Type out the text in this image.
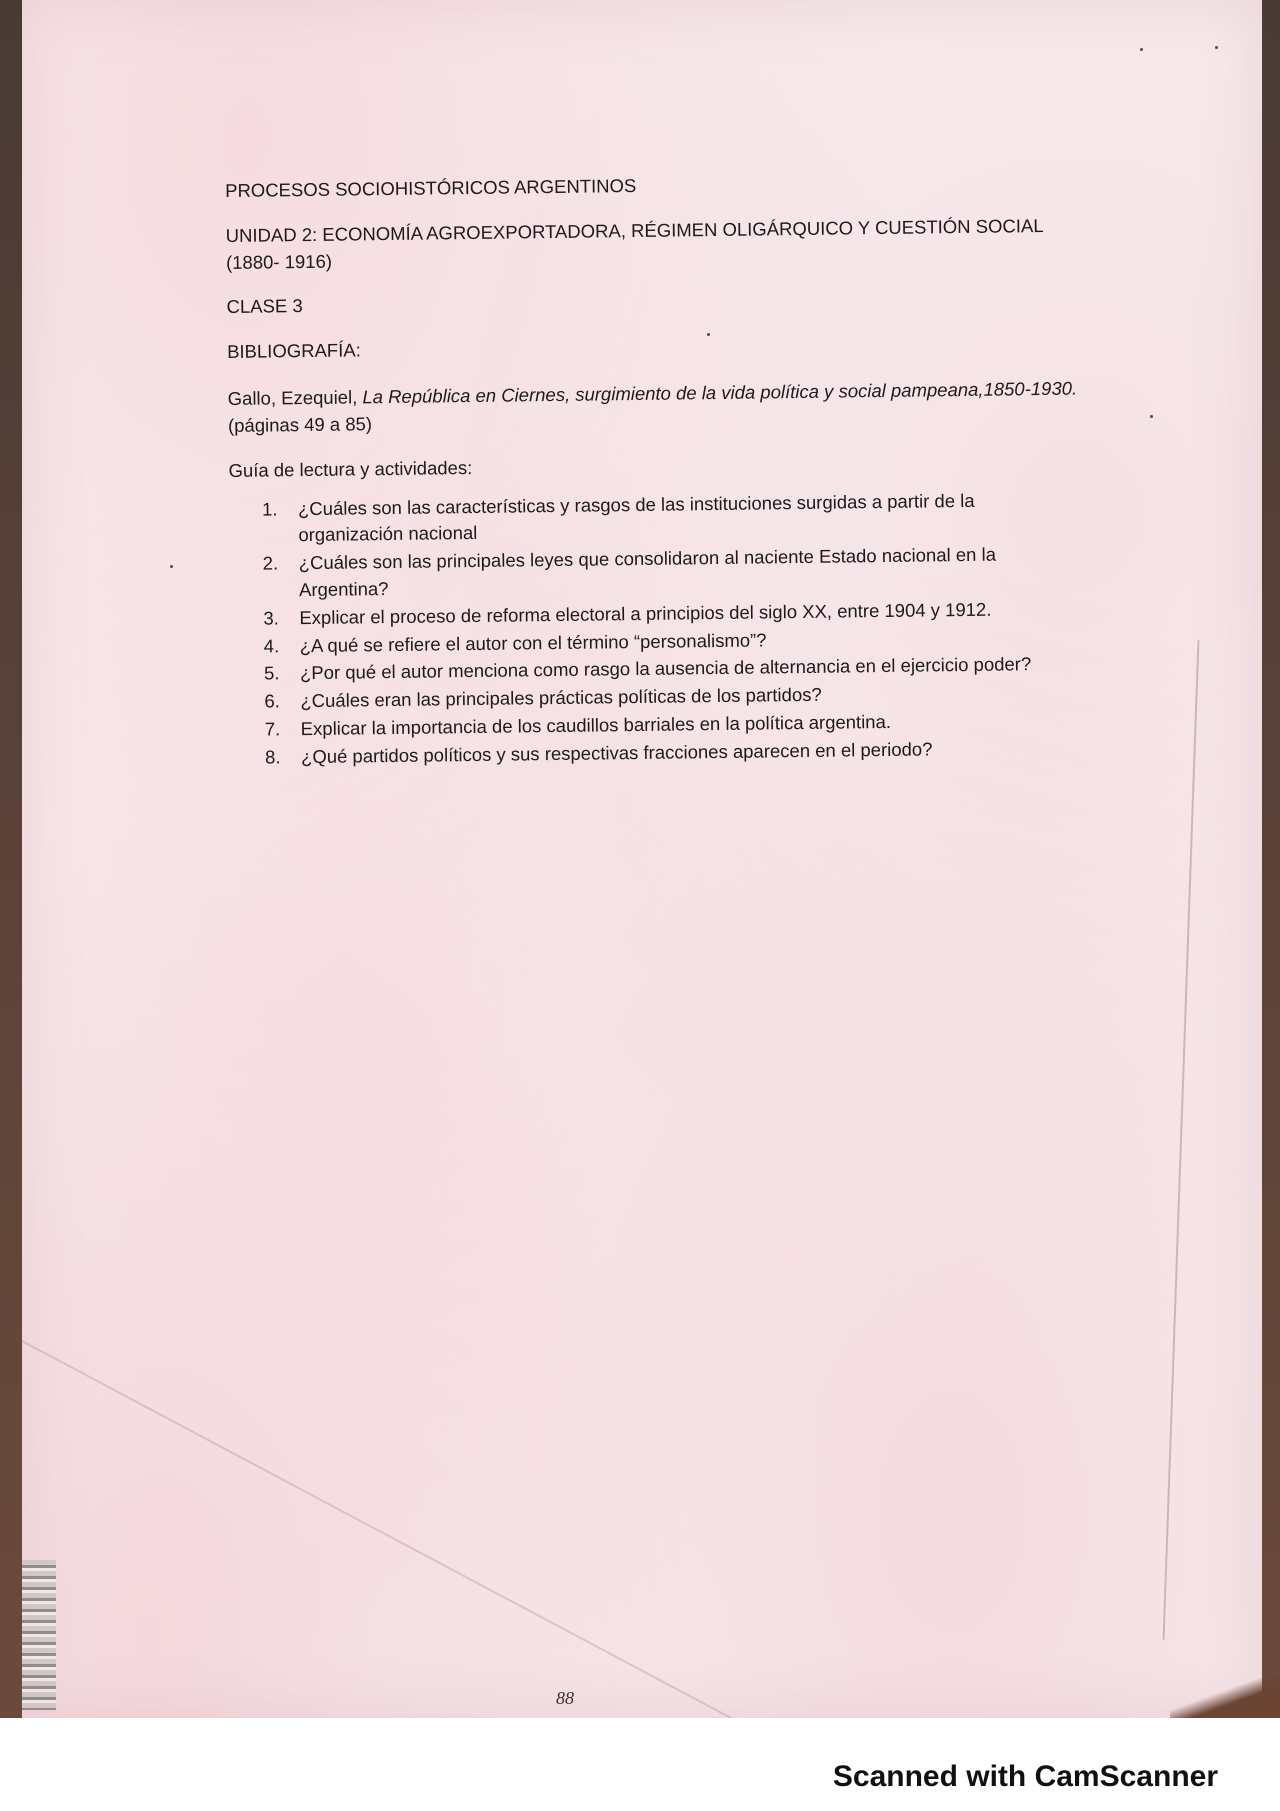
PROCESOS SOCIOHISTÓRICOS ARGENTINOS

UNIDAD 2: ECONOMÍA AGROEXPORTADORA, RÉGIMEN OLIGÁRQUICO Y CUESTIÓN SOCIAL
(1880- 1916)

CLASE 3

BIBLIOGRAFÍA:

Gallo, Ezequiel, La República en Ciernes, surgimiento de la vida política y social pampeana,1850-1930. (páginas 49 a 85)

Guía de lectura y actividades:

1.	¿Cuáles son las características y rasgos de las instituciones surgidas a partir de la organización nacional
2.	¿Cuáles son las principales leyes que consolidaron al naciente Estado nacional en la Argentina?
3.	Explicar el proceso de reforma electoral a principios del siglo XX, entre 1904 y 1912.
4.	¿A qué se refiere el autor con el término “personalismo”?
5.	¿Por qué el autor menciona como rasgo la ausencia de alternancia en el ejercicio poder?
6.	¿Cuáles eran las principales prácticas políticas de los partidos?
7.	Explicar la importancia de los caudillos barriales en la política argentina.
8.	¿Qué partidos políticos y sus respectivas fracciones aparecen en el periodo?
88
Scanned with CamScanner
